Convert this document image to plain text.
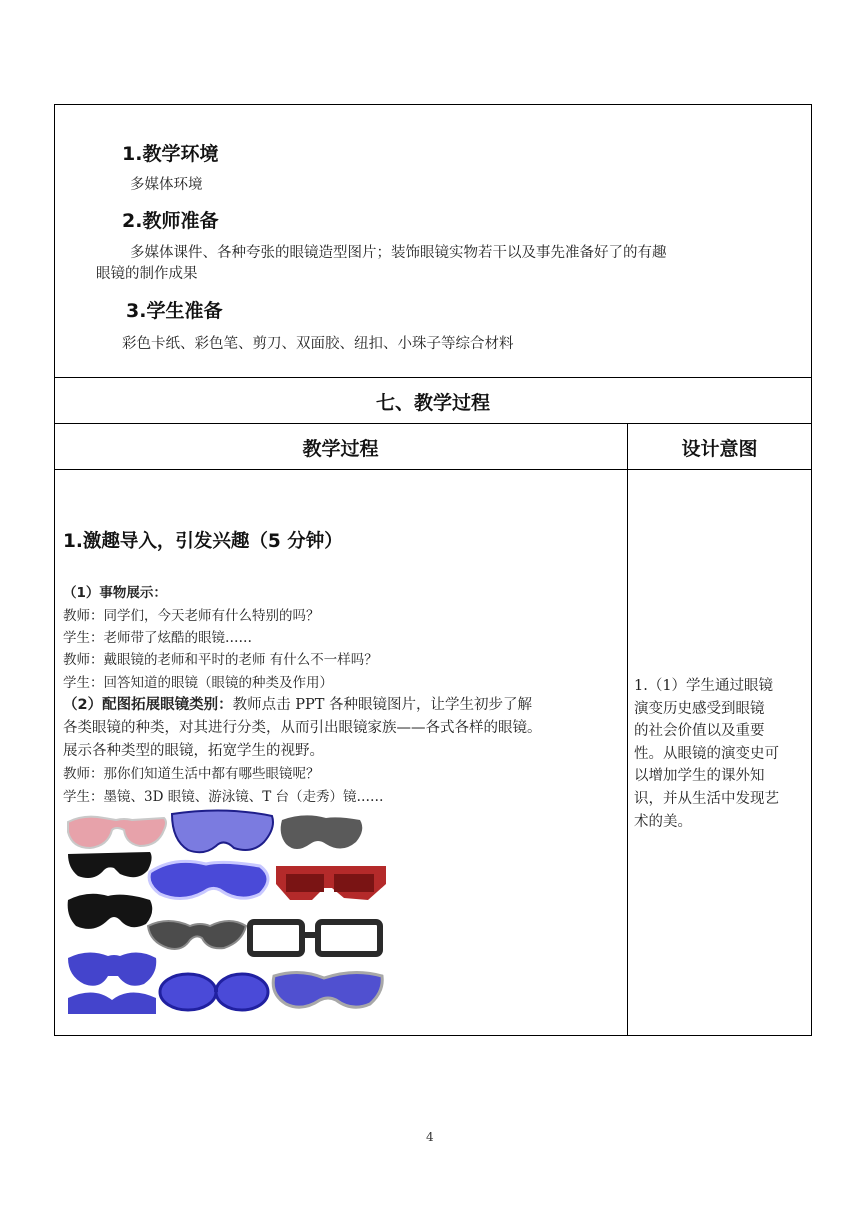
1.教学环境
多媒体环境
2.教师准备
多媒体课件、各种夸张的眼镜造型图片；装饰眼镜实物若干以及事先准备好了的有趣
眼镜的制作成果
3.学生准备
彩色卡纸、彩色笔、剪刀、双面胶、纽扣、小珠子等综合材料
七、教学过程
教学过程	设计意图
1.激趣导入，引发兴趣（5 分钟）
（1）事物展示：
教师：同学们，今天老师有什么特别的吗？
学生：老师带了炫酷的眼镜……
教师：戴眼镜的老师和平时的老师 有什么不一样吗？
学生：回答知道的眼镜（眼镜的种类及作用）
（2）配图拓展眼镜类别：教师点击 PPT 各种眼镜图片，让学生初步了解
各类眼镜的种类，对其进行分类，从而引出眼镜家族——各式各样的眼镜。
展示各种类型的眼镜，拓宽学生的视野。
教师：那你们知道生活中都有哪些眼镜呢？
学生：墨镜、3D 眼镜、游泳镜、T 台（走秀）镜……
1.（1）学生通过眼镜
演变历史感受到眼镜
的社会价值以及重要
性。从眼镜的演变史可
以增加学生的课外知
识，并从生活中发现艺
术的美。
4
